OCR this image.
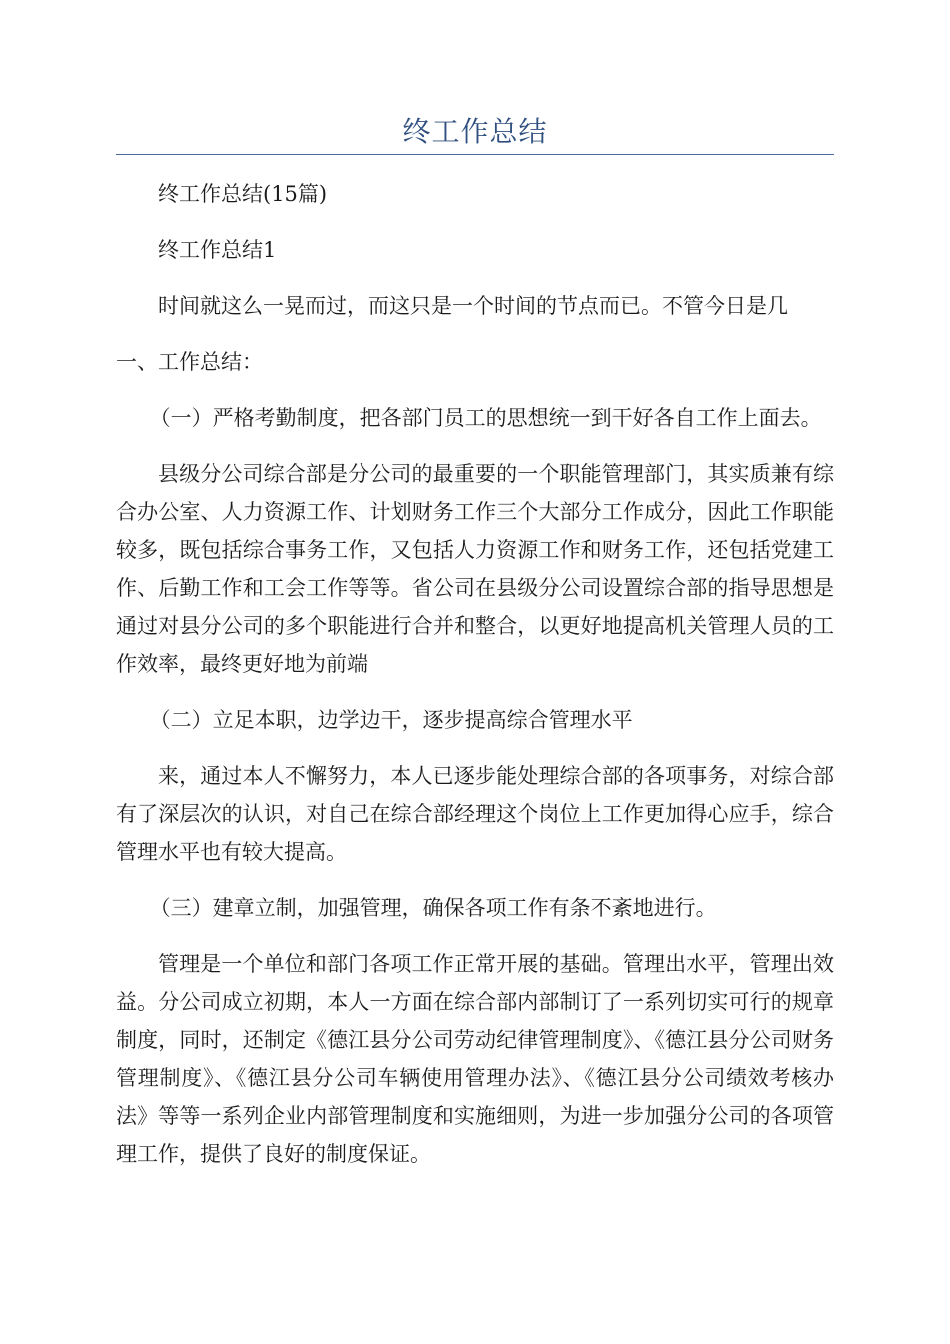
终工作总结

终工作总结(15篇)

终工作总结1

时间就这么一晃而过，而这只是一个时间的节点而已。不管今日是几

一、工作总结：

（一）严格考勤制度，把各部门员工的思想统一到干好各自工作上面去。

县级分公司综合部是分公司的最重要的一个职能管理部门，其实质兼有综合办公室、人力资源工作、计划财务工作三个大部分工作成分，因此工作职能较多，既包括综合事务工作，又包括人力资源工作和财务工作，还包括党建工作、后勤工作和工会工作等等。省公司在县级分公司设置综合部的指导思想是通过对县分公司的多个职能进行合并和整合，以更好地提高机关管理人员的工作效率，最终更好地为前端

（二）立足本职，边学边干，逐步提高综合管理水平

来，通过本人不懈努力，本人已逐步能处理综合部的各项事务，对综合部有了深层次的认识，对自己在综合部经理这个岗位上工作更加得心应手，综合管理水平也有较大提高。

（三）建章立制，加强管理，确保各项工作有条不紊地进行。

管理是一个单位和部门各项工作正常开展的基础。管理出水平，管理出效益。分公司成立初期，本人一方面在综合部内部制订了一系列切实可行的规章制度，同时，还制定《德江县分公司劳动纪律管理制度》、《德江县分公司财务管理制度》、《德江县分公司车辆使用管理办法》、《德江县分公司绩效考核办法》等等一系列企业内部管理制度和实施细则，为进一步加强分公司的各项管理工作，提供了良好的制度保证。
